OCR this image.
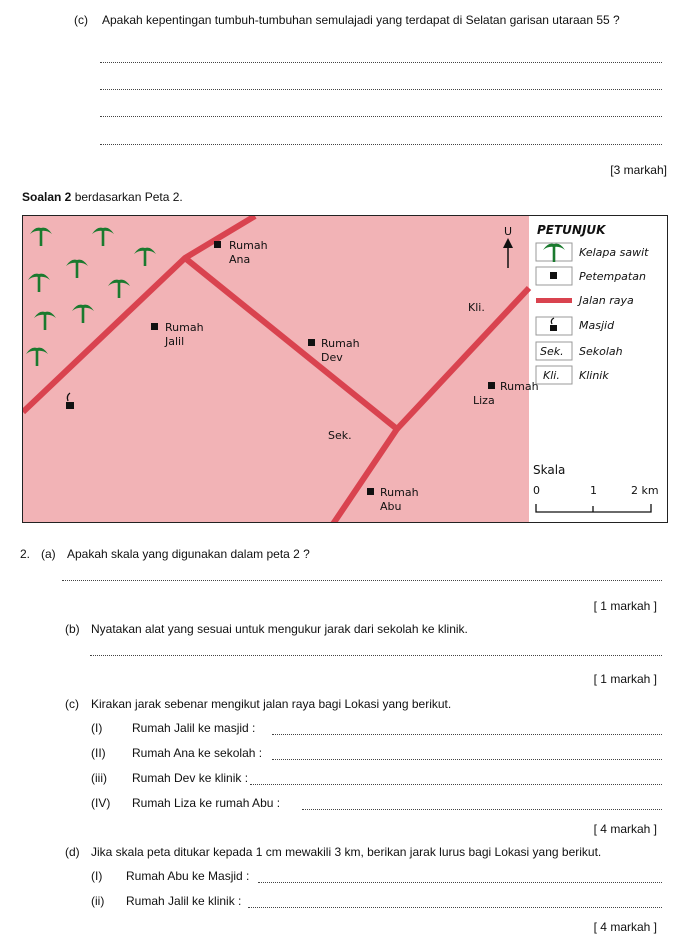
(c) Apakah kepentingan tumbuh-tumbuhan semulajadi yang terdapat di Selatan garisan utaraan 55 ?
[3 markah]
Soalan 2 berdasarkan Peta 2.
Rumah
Ana
Rumah
Jalil	Rumah
Dev
Rumah
Liza
Rumah
Abu
Sek.
Kli.
U PETUNJUK
Kelapa sawit
Petempatan
Jalan raya
Masjid
Sek. Sekolah
Kli. Klinik
Skala
0	1	2 km
2. (a) Apakah skala yang digunakan dalam peta 2 ?
[ 1 markah ]
(b) Nyatakan alat yang sesuai untuk mengukur jarak dari sekolah ke klinik.
[ 1 markah ]
(c) Kirakan jarak sebenar mengikut jalan raya bagi Lokasi yang berikut.
(I) Rumah Jalil ke masjid :
(II) Rumah Ana ke sekolah :
(iii) Rumah Dev ke klinik :
(IV) Rumah Liza ke rumah Abu :
[ 4 markah ]
(d) Jika skala peta ditukar kepada 1 cm mewakili 3 km, berikan jarak lurus bagi Lokasi yang berikut.
(I) Rumah Abu ke Masjid :
(ii) Rumah Jalil ke klinik :
[ 4 markah ]
